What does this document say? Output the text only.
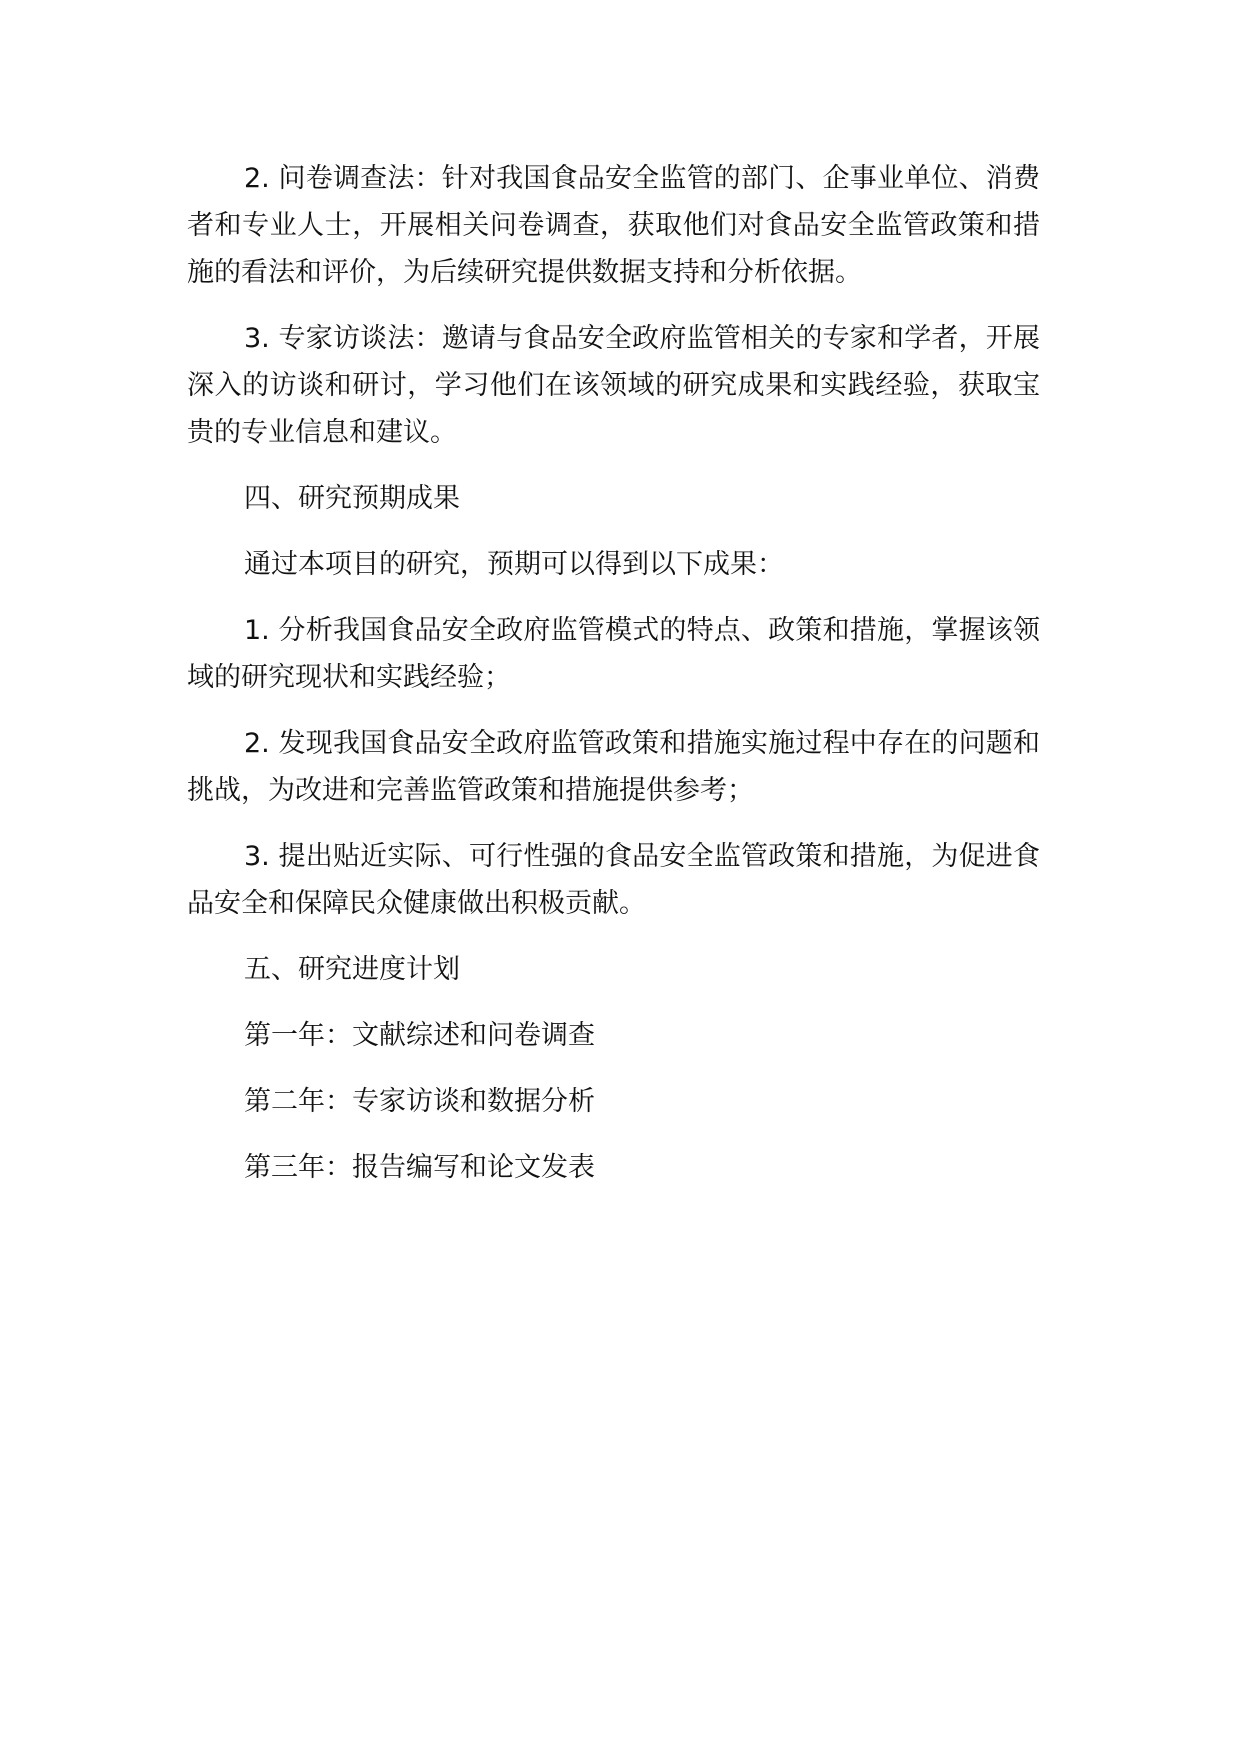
2. 问卷调查法：针对我国食品安全监管的部门、企事业单位、消费者和专业人士，开展相关问卷调查，获取他们对食品安全监管政策和措施的看法和评价，为后续研究提供数据支持和分析依据。

3. 专家访谈法：邀请与食品安全政府监管相关的专家和学者，开展深入的访谈和研讨，学习他们在该领域的研究成果和实践经验，获取宝贵的专业信息和建议。

四、研究预期成果

通过本项目的研究，预期可以得到以下成果：

1. 分析我国食品安全政府监管模式的特点、政策和措施，掌握该领域的研究现状和实践经验；

2. 发现我国食品安全政府监管政策和措施实施过程中存在的问题和挑战，为改进和完善监管政策和措施提供参考；

3. 提出贴近实际、可行性强的食品安全监管政策和措施，为促进食品安全和保障民众健康做出积极贡献。

五、研究进度计划

第一年：文献综述和问卷调查

第二年：专家访谈和数据分析

第三年：报告编写和论文发表
